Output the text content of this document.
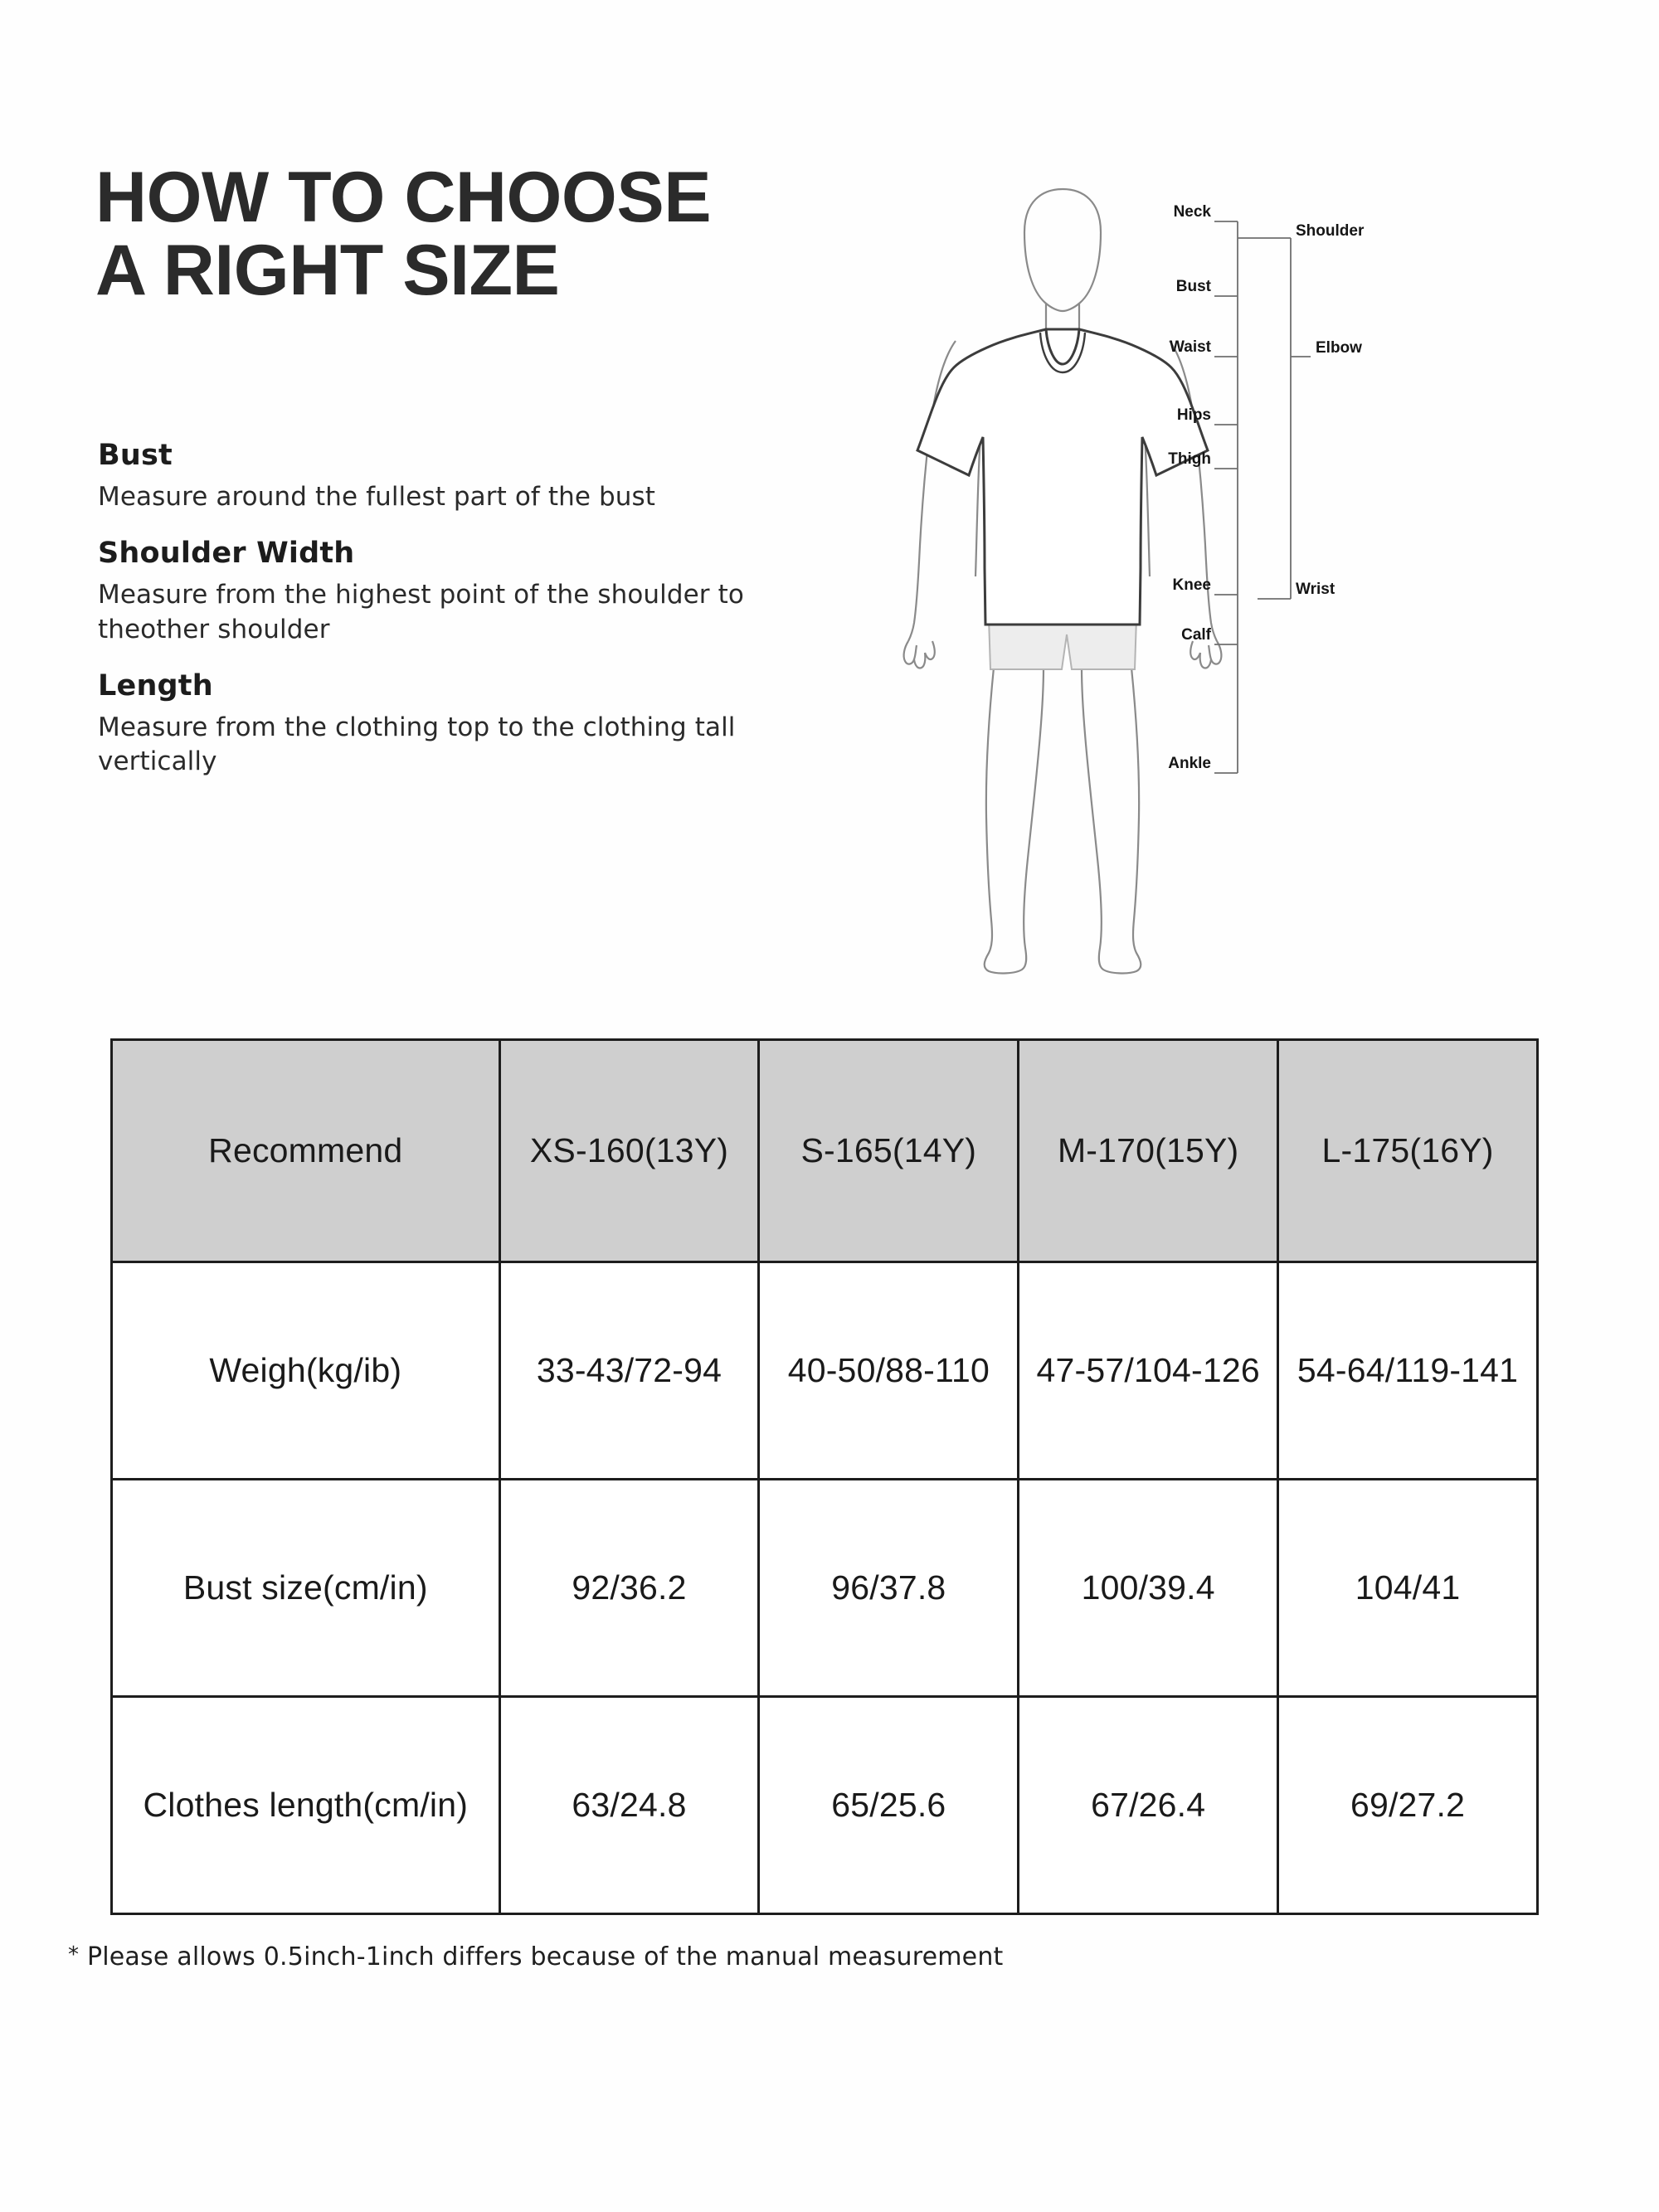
HOW TO CHOOSE
A RIGHT SIZE
Bust
Measure around the fullest part of the bust
Shoulder Width
Measure from the highest point of the shoulder to theother shoulder
Length
Measure from the clothing top to the clothing tall vertically
Neck
Shoulder
Bust
Waist	Elbow
Hips
Wrist
Thigh
Knee
Calf
Ankle
Recommend	XS-160(13Y)	S-165(14Y)	M-170(15Y)	L-175(16Y)
Weigh(kg/ib)	33-43/72-94	40-50/88-110	47-57/104-126	54-64/119-141
Bust size(cm/in)	92/36.2	96/37.8	100/39.4	104/41
Clothes length(cm/in)	63/24.8	65/25.6	67/26.4	69/27.2
* Please allows 0.5inch-1inch differs because of the manual measurement
